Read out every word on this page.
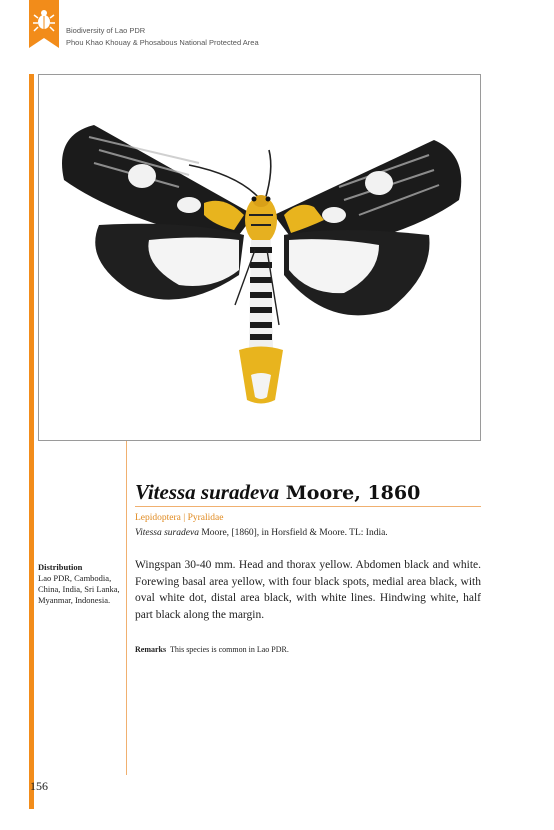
Biodiversity of Lao PDR
Phou Khao Khouay & Phosabous National Protected Area
Vitessa suradeva Moore, 1860
Lepidoptera | Pyralidae
Vitessa suradeva Moore, [1860], in Horsfield & Moore. TL: India.
Distribution
Lao PDR, Cambodia, China, India, Sri Lanka, Myanmar, Indonesia.
Wingspan 30-40 mm. Head and thorax yellow. Abdomen black and white. Forewing basal area yellow, with four black spots, medial area black, with oval white dot, distal area black, with white lines. Hindwing white, half part black along the margin.
Remarks This species is common in Lao PDR.
156
